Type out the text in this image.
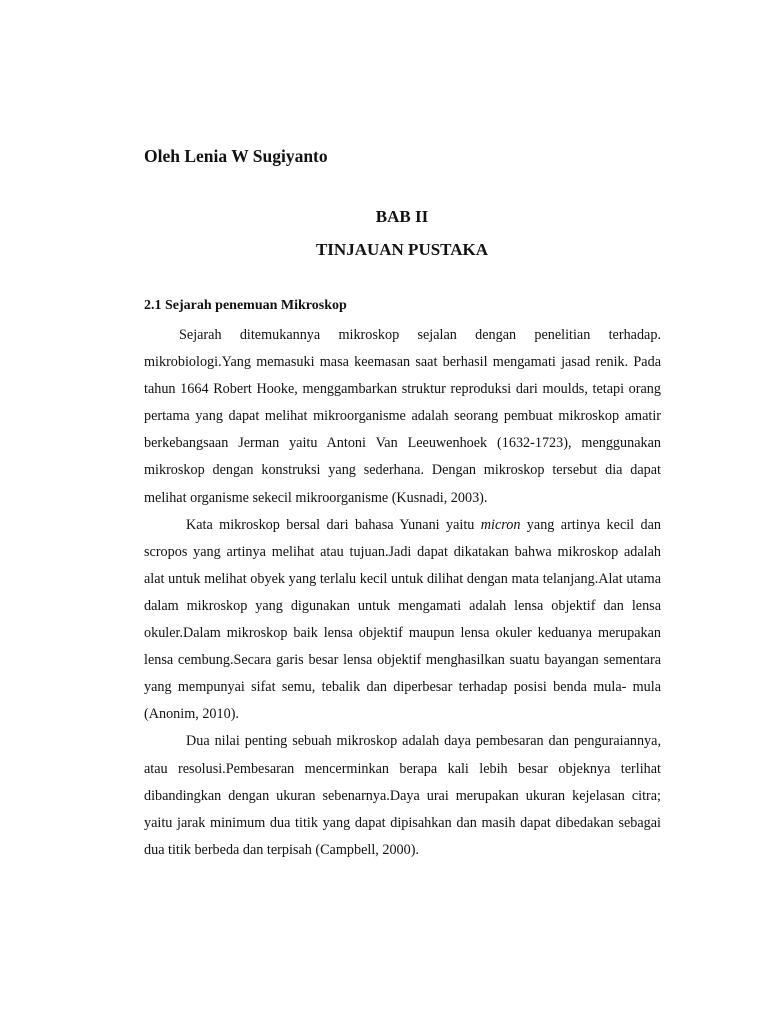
Oleh Lenia W Sugiyanto
BAB II
TINJAUAN PUSTAKA
2.1 Sejarah penemuan Mikroskop

Sejarah ditemukannya mikroskop sejalan dengan penelitian terhadap. mikrobiologi.Yang memasuki masa keemasan saat berhasil mengamati jasad renik. Pada tahun 1664 Robert Hooke, menggambarkan struktur reproduksi dari moulds, tetapi orang pertama yang dapat melihat mikroorganisme adalah seorang pembuat mikroskop amatir berkebangsaan Jerman yaitu Antoni Van Leeuwenhoek (1632-1723), menggunakan mikroskop dengan konstruksi yang sederhana. Dengan mikroskop tersebut dia dapat melihat organisme sekecil mikroorganisme (Kusnadi, 2003).

Kata mikroskop bersal dari bahasa Yunani yaitu micron yang artinya kecil dan scropos yang artinya melihat atau tujuan.Jadi dapat dikatakan bahwa mikroskop adalah alat untuk melihat obyek yang terlalu kecil untuk dilihat dengan mata telanjang.Alat utama dalam mikroskop yang digunakan untuk mengamati adalah lensa objektif dan lensa okuler.Dalam mikroskop baik lensa objektif maupun lensa okuler keduanya merupakan lensa cembung.Secara garis besar lensa objektif menghasilkan suatu bayangan sementara yang mempunyai sifat semu, tebalik dan diperbesar terhadap posisi benda mula- mula (Anonim, 2010).

Dua nilai penting sebuah mikroskop adalah daya pembesaran dan penguraiannya, atau resolusi.Pembesaran mencerminkan berapa kali lebih besar objeknya terlihat dibandingkan dengan ukuran sebenarnya.Daya urai merupakan ukuran kejelasan citra; yaitu jarak minimum dua titik yang dapat dipisahkan dan masih dapat dibedakan sebagai dua titik berbeda dan terpisah (Campbell, 2000).
